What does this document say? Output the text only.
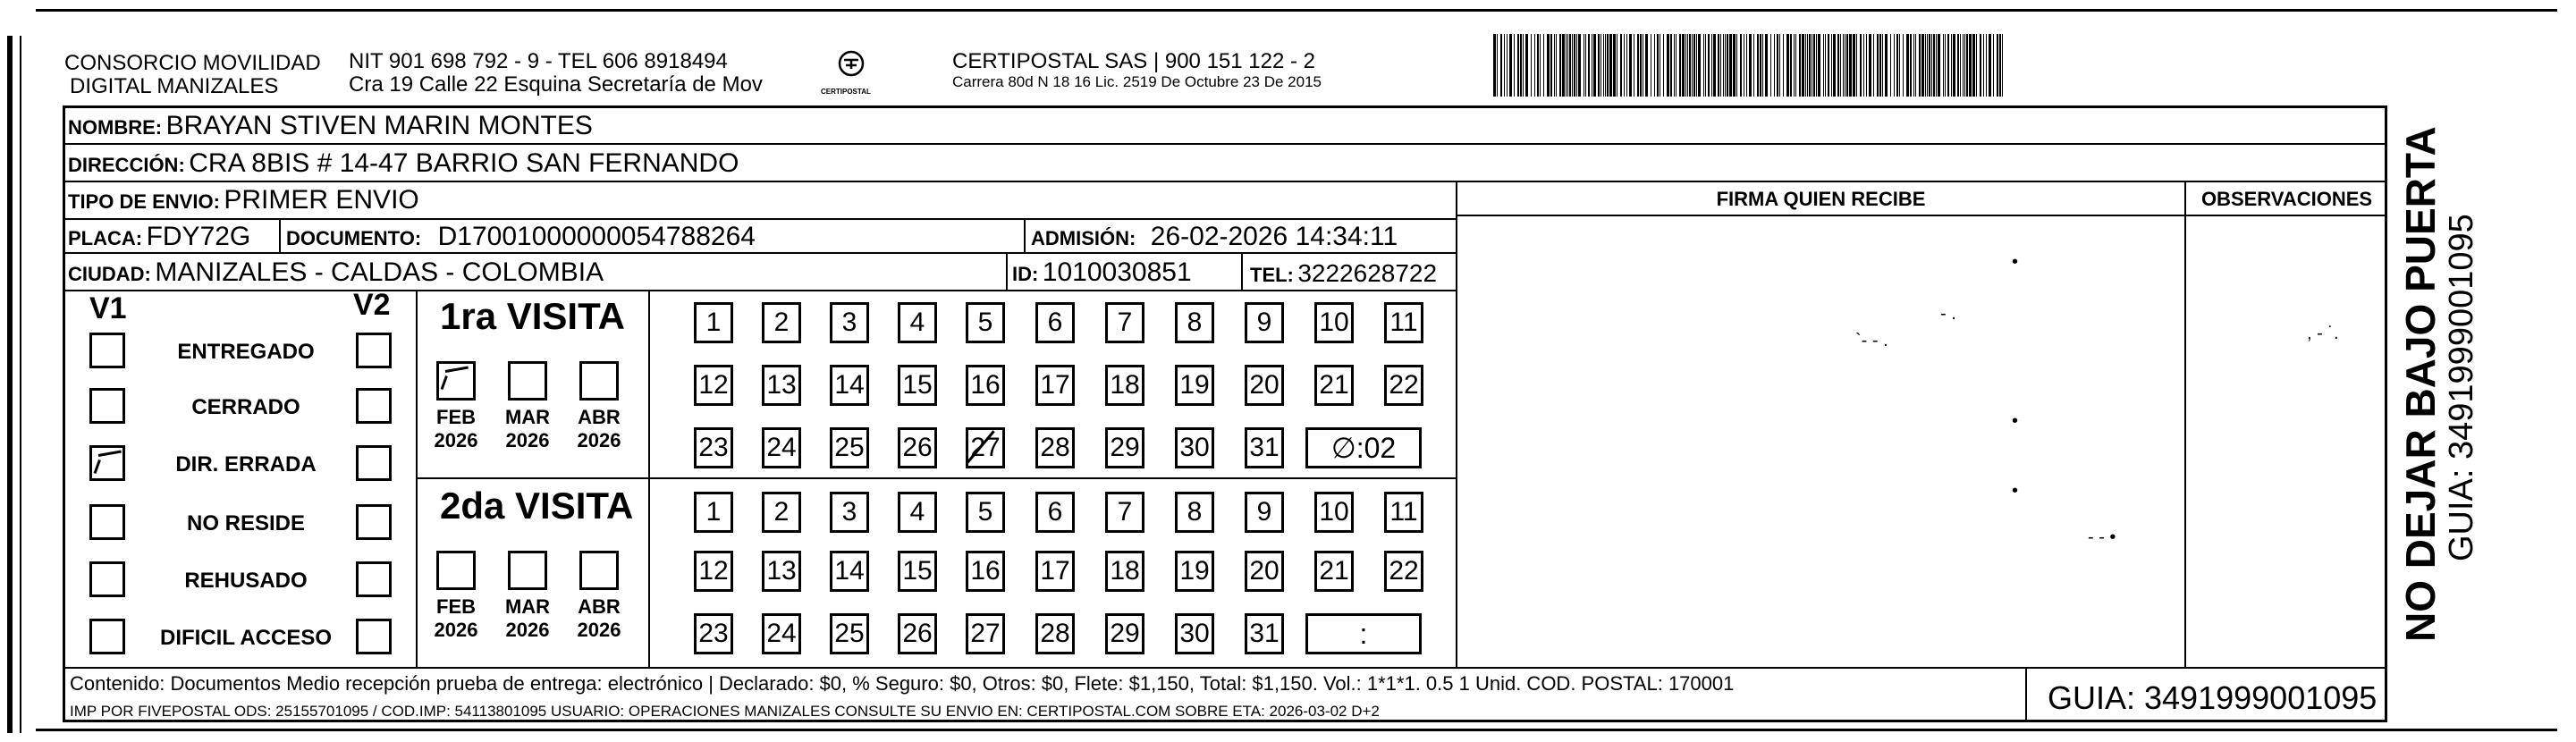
CONSORCIO MOVILIDAD
DIGITAL MANIZALES
NIT 901 698 792 - 9 - TEL 606 8918494
Cra 19 Calle 22 Esquina Secretaría de Mov	CERTIPOSTAL
CERTIPOSTAL SAS | 900 151 122 - 2
Carrera 80d N 18 16 Lic. 2519 De Octubre 23 De 2015
NOMBRE: BRAYAN STIVEN MARIN MONTES
DIRECCIÓN: CRA 8BIS # 14-47 BARRIO SAN FERNANDO
TIPO DE ENVIO: PRIMER ENVIO	FIRMA QUIEN RECIBE	OBSERVACIONES
PLACA: FDY72G DOCUMENTO: D17001000000054788264	ADMISIÓN: 26-02-2026 14:34:11
CIUDAD: MANIZALES - CALDAS - COLOMBIA	ID: 1010030851	TEL: 3222628722
V1	V2
ENTREGADO
CERRADO
DIR. ERRADA
NO RESIDE
REHUSADO
DIFICIL ACCESO
1ra VISITA
FEB
2026
MAR
2026
ABR
2026
1	2	3	4	5	6	7	8	9	10 11
12 13 14 15 16 17 18 19 20 21 22
23 24 25 26 27 28 29 30 31	∅:02
2da VISITA
FEB
2026
MAR
2026
ABR
2026
1	2	3	4	5	6	7	8	9	10 11
12 13 14 15 16 17 18 19 20 21 22
23 24 25 26 27 28 29 30 31	:
•
- .
`- - .
•
•
- - •
, - ˙.
Contenido: Documentos Medio recepción prueba de entrega: electrónico | Declarado: $0, % Seguro: $0, Otros: $0, Flete: $1,150, Total: $1,150. Vol.: 1*1*1. 0.5 1 Unid. COD. POSTAL: 170001
IMP POR FIVEPOSTAL ODS: 25155701095 / COD.IMP: 54113801095 USUARIO: OPERACIONES MANIZALES CONSULTE SU ENVIO EN: CERTIPOSTAL.COM SOBRE ETA: 2026-03-02 D+2	GUIA: 3491999001095
NO DEJAR BAJO PUERTA GUIA: 3491999001095
